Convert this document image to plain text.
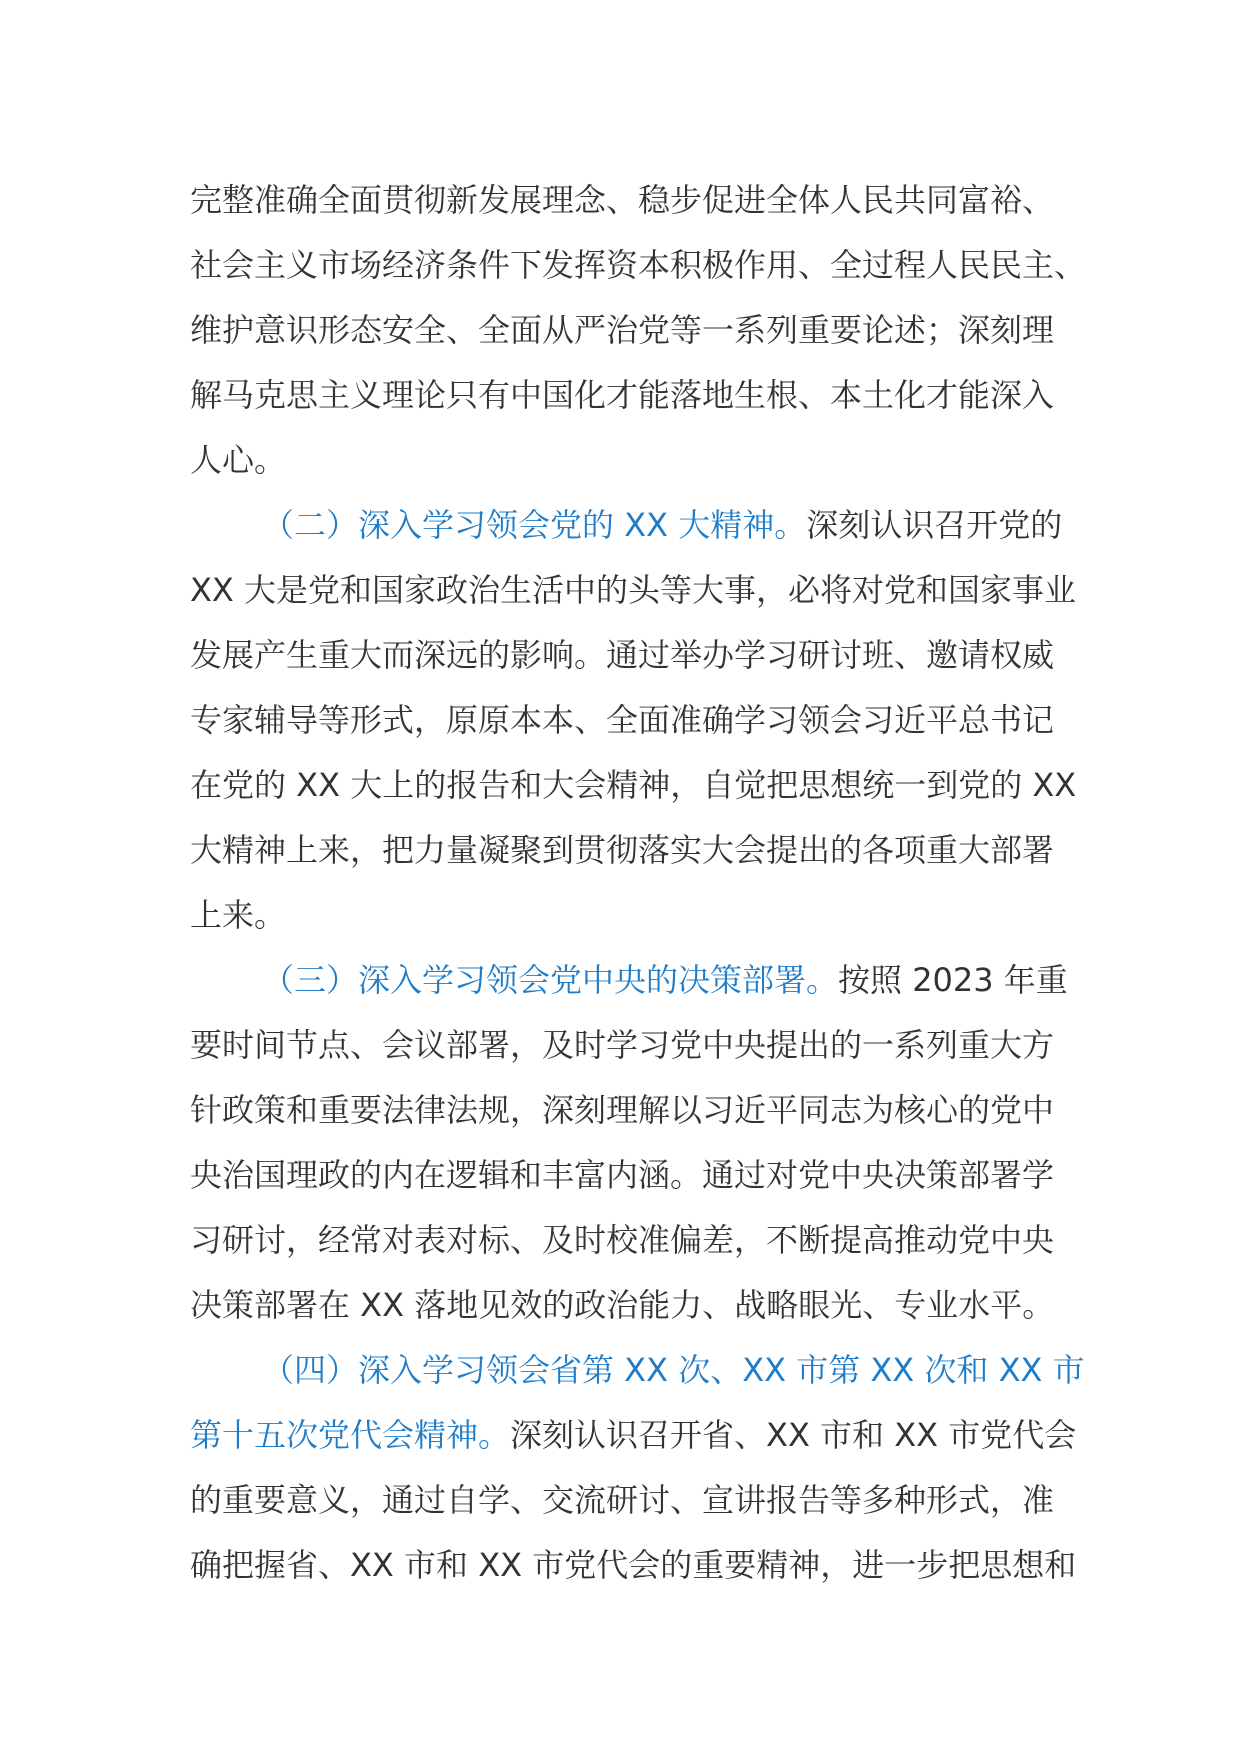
完整准确全面贯彻新发展理念、稳步促进全体人民共同富裕、
社会主义市场经济条件下发挥资本积极作用、全过程人民民主、
维护意识形态安全、全面从严治党等一系列重要论述；深刻理
解马克思主义理论只有中国化才能落地生根、本土化才能深入
人心。
（二）深入学习领会党的 XX 大精神。深刻认识召开党的
XX 大是党和国家政治生活中的头等大事，必将对党和国家事业
发展产生重大而深远的影响。通过举办学习研讨班、邀请权威
专家辅导等形式，原原本本、全面准确学习领会习近平总书记
在党的 XX 大上的报告和大会精神，自觉把思想统一到党的 XX
大精神上来，把力量凝聚到贯彻落实大会提出的各项重大部署
上来。
（三）深入学习领会党中央的决策部署。按照 2023 年重
要时间节点、会议部署，及时学习党中央提出的一系列重大方
针政策和重要法律法规，深刻理解以习近平同志为核心的党中
央治国理政的内在逻辑和丰富内涵。通过对党中央决策部署学
习研讨，经常对表对标、及时校准偏差，不断提高推动党中央
决策部署在 XX 落地见效的政治能力、战略眼光、专业水平。
（四）深入学习领会省第 XX 次、XX 市第 XX 次和 XX 市
第十五次党代会精神。深刻认识召开省、XX 市和 XX 市党代会
的重要意义，通过自学、交流研讨、宣讲报告等多种形式，准
确把握省、XX 市和 XX 市党代会的重要精神，进一步把思想和
